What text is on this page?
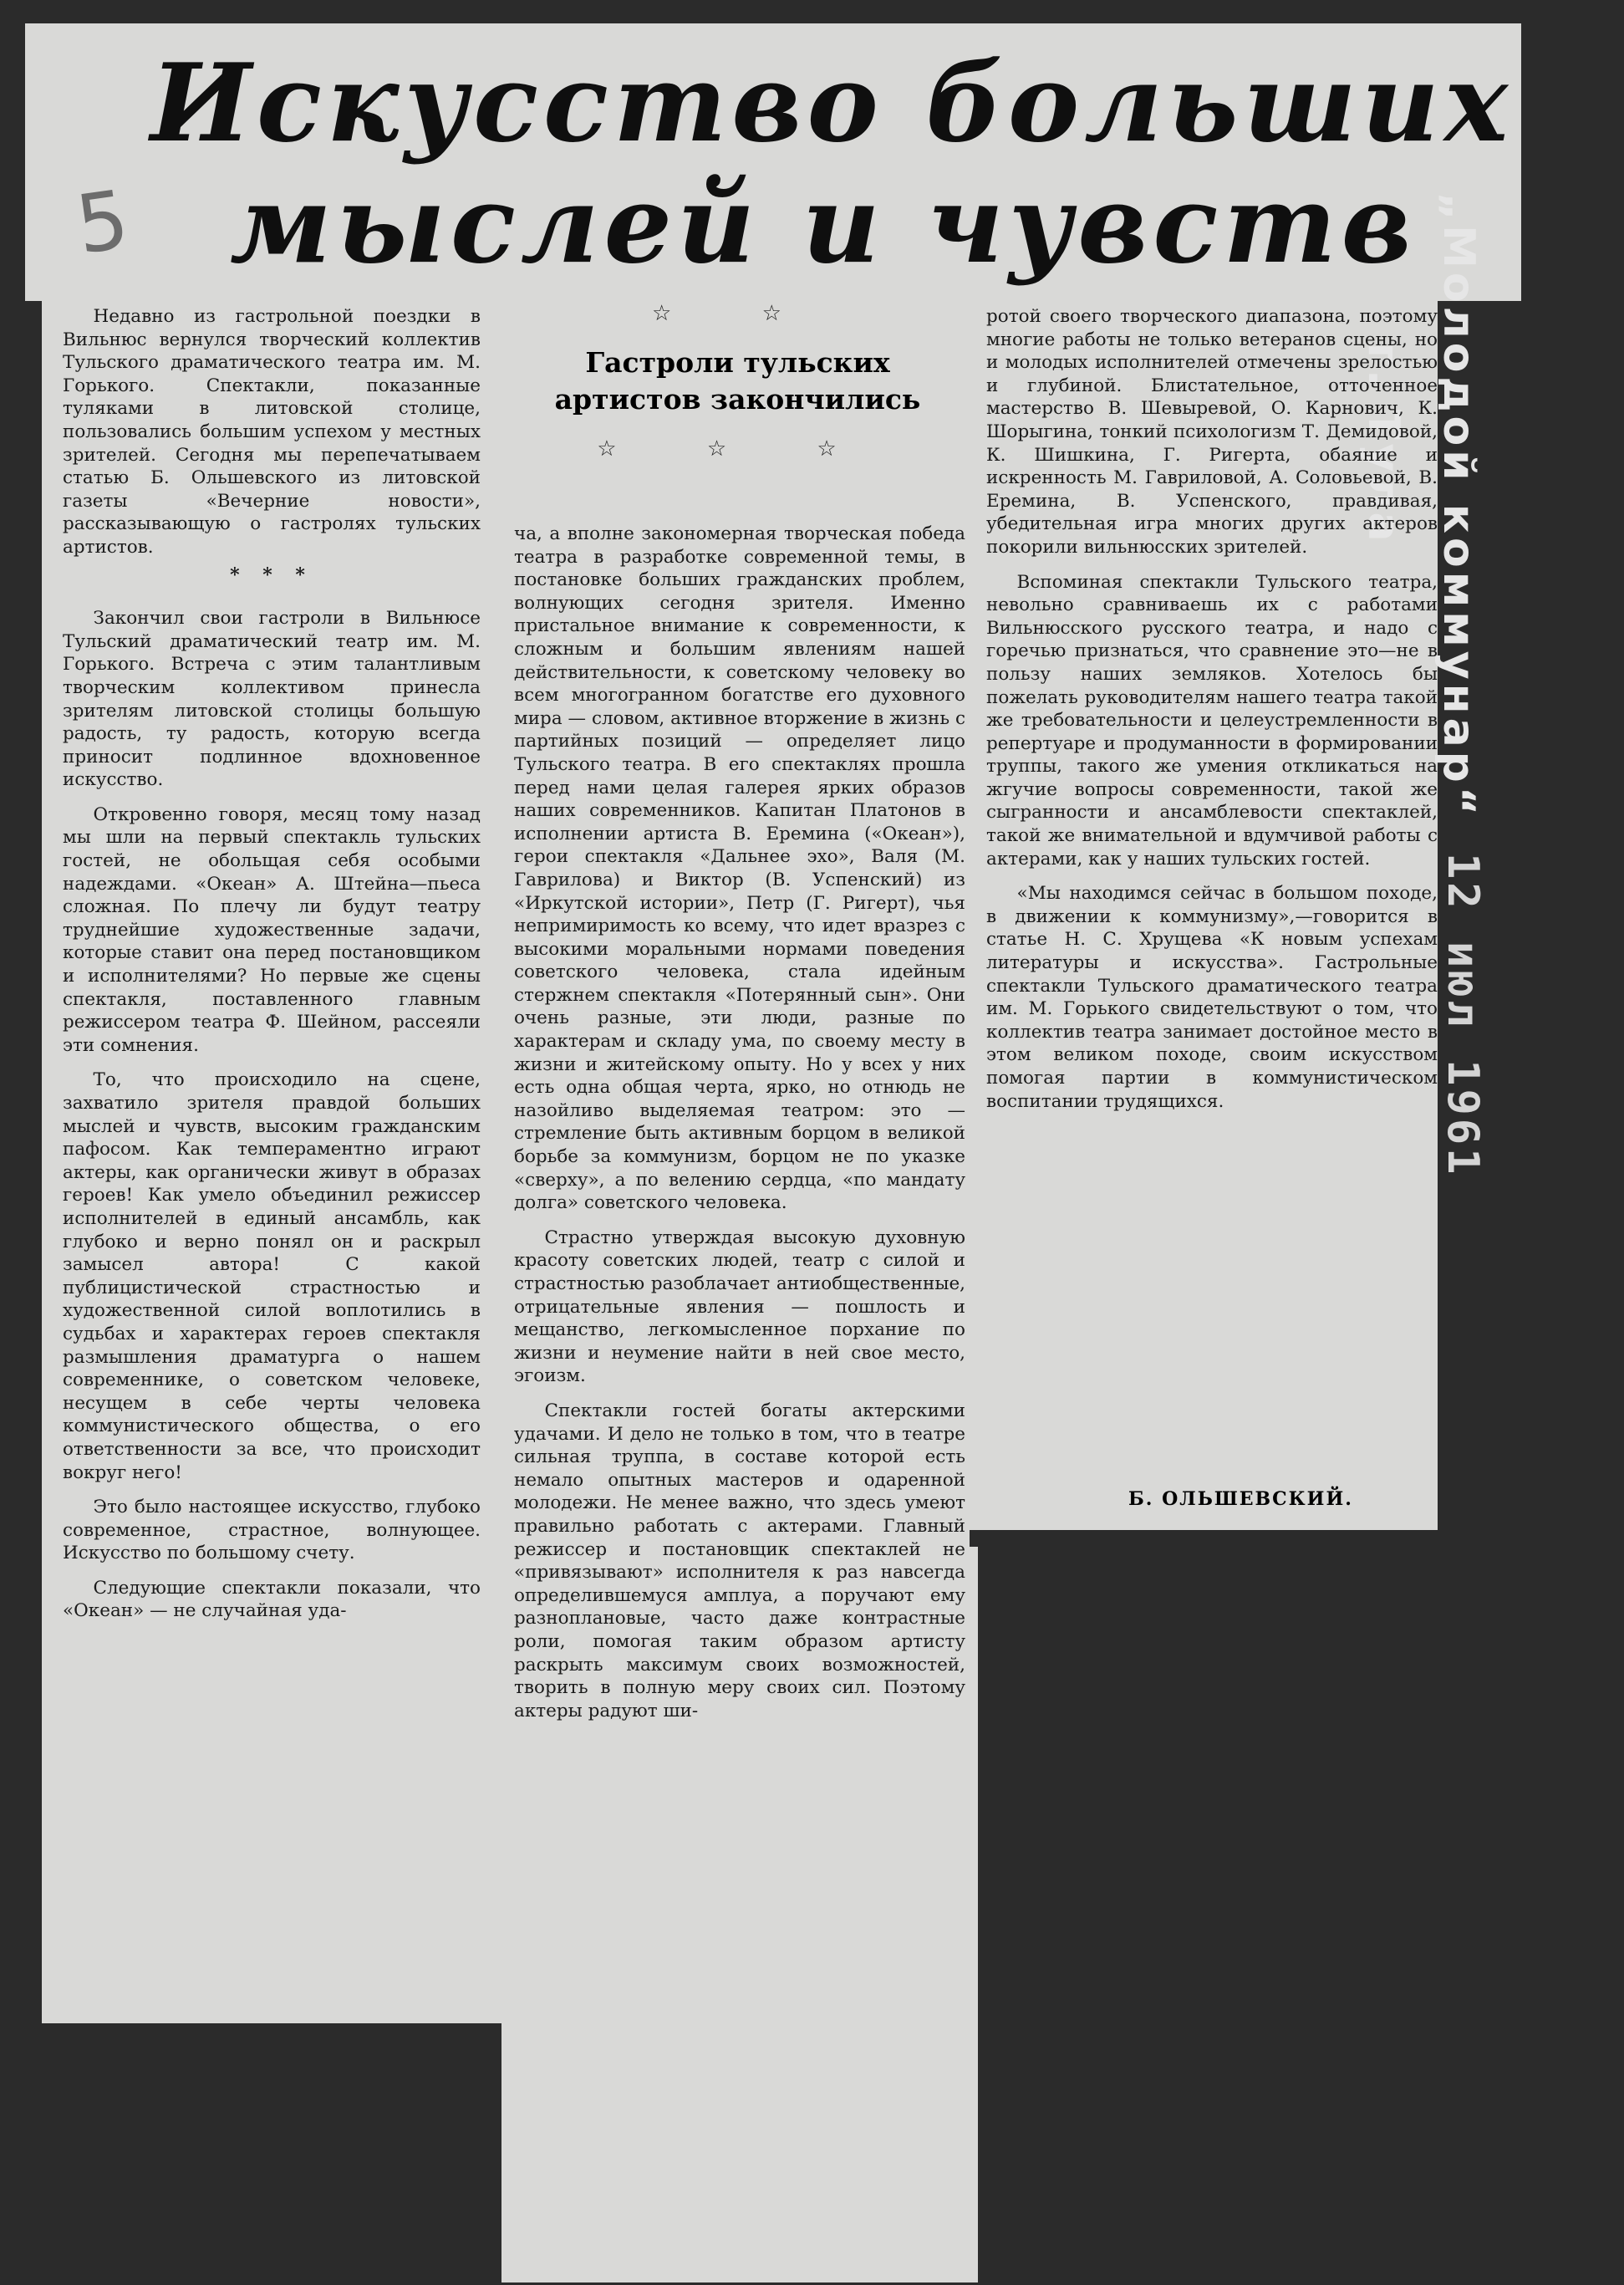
Искусство больших
мыслей и чувств
5	„Молодой коммунар“
г. Тула
12 июл 1961
☆ ☆
Гастроли тульских артистов закончились
☆ ☆ ☆

Недавно из гастрольной поездки в Вильнюс вернулся творческий коллектив Тульского драматического театра им. М. Горького. Спектакли, показанные туляками в литовской столице, пользовались большим успехом у местных зрителей. Сегодня мы перепечатываем статью Б. Ольшевского из литовской газеты «Вечерние новости», рассказывающую о гастролях тульских артистов.

* * *

Закончил свои гастроли в Вильнюсе Тульский драматический театр им. М. Горького. Встреча с этим талантливым творческим коллективом принесла зрителям литовской столицы большую радость, ту радость, которую всегда приносит подлинное вдохновенное искусство.

Откровенно говоря, месяц тому назад мы шли на первый спектакль тульских гостей, не обольщая себя особыми надеждами. «Океан» А. Штейна—пьеса сложная. По плечу ли будут театру труднейшие художественные задачи, которые ставит она перед постановщиком и исполнителями? Но первые же сцены спектакля, поставленного главным режиссером театра Ф. Шейном, рассеяли эти сомнения.

То, что происходило на сцене, захватило зрителя правдой больших мыслей и чувств, высоким гражданским пафосом. Как темпераментно играют актеры, как органически живут в образах героев! Как умело объединил режиссер исполнителей в единый ансамбль, как глубоко и верно понял он и раскрыл замысел автора! С какой публицистической страстностью и художественной силой воплотились в судьбах и характерах героев спектакля размышления драматурга о нашем современнике, о советском человеке, несущем в себе черты человека коммунистического общества, о его ответственности за все, что происходит вокруг него!

Это было настоящее искусство, глубоко современное, страстное, волнующее. Искусство по большому счету.

Следующие спектакли показали, что «Океан» — не случайная уда-

ча, а вполне закономерная творческая победа театра в разработке современной темы, в постановке больших гражданских проблем, волнующих сегодня зрителя. Именно пристальное внимание к современности, к сложным и большим явлениям нашей действительности, к советскому человеку во всем многогранном богатстве его духовного мира — словом, активное вторжение в жизнь с партийных позиций — определяет лицо Тульского театра. В его спектаклях прошла перед нами целая галерея ярких образов наших современников. Капитан Платонов в исполнении артиста В. Еремина («Океан»), герои спектакля «Дальнее эхо», Валя (М. Гаврилова) и Виктор (В. Успенский) из «Иркутской истории», Петр (Г. Ригерт), чья непримиримость ко всему, что идет вразрез с высокими моральными нормами поведения советского человека, стала идейным стержнем спектакля «Потерянный сын». Они очень разные, эти люди, разные по характерам и складу ума, по своему месту в жизни и житейскому опыту. Но у всех у них есть одна общая черта, ярко, но отнюдь не назойливо выделяемая театром: это — стремление быть активным борцом в великой борьбе за коммунизм, борцом не по указке «сверху», а по велению сердца, «по мандату долга» советского человека.

Страстно утверждая высокую духовную красоту советских людей, театр с силой и страстностью разоблачает антиобщественные, отрицательные явления — пошлость и мещанство, легкомысленное порхание по жизни и неумение найти в ней свое место, эгоизм.

Спектакли гостей богаты актерскими удачами. И дело не только в том, что в театре сильная труппа, в составе которой есть немало опытных мастеров и одаренной молодежи. Не менее важно, что здесь умеют правильно работать с актерами. Главный режиссер и постановщик спектаклей не «привязывают» исполнителя к раз навсегда определившемуся амплуа, а поручают ему разноплановые, часто даже контрастные роли, помогая таким образом артисту раскрыть максимум своих возможностей, творить в полную меру своих сил. Поэтому актеры радуют ши-

ротой своего творческого диапазона, поэтому многие работы не только ветеранов сцены, но и молодых исполнителей отмечены зрелостью и глубиной. Блистательное, отточенное мастерство В. Шевыревой, О. Карнович, К. Шорыгина, тонкий психологизм Т. Демидовой, К. Шишкина, Г. Ригерта, обаяние и искренность М. Гавриловой, А. Соловьевой, В. Еремина, В. Успенского, правдивая, убедительная игра многих других актеров покорили вильнюсских зрителей.

Вспоминая спектакли Тульского театра, невольно сравниваешь их с работами Вильнюсского русского театра, и надо с горечью признаться, что сравнение это—не в пользу наших земляков. Хотелось бы пожелать руководителям нашего театра такой же требовательности и целеустремленности в репертуаре и продуманности в формировании труппы, такого же умения откликаться на жгучие вопросы современности, такой же сыгранности и ансамблевости спектаклей, такой же внимательной и вдумчивой работы с актерами, как у наших тульских гостей.

«Мы находимся сейчас в большом походе, в движении к коммунизму»,—говорится в статье Н. С. Хрущева «К новым успехам литературы и искусства». Гастрольные спектакли Тульского драматического театра им. М. Горького свидетельствуют о том, что коллектив театра занимает достойное место в этом великом походе, своим искусством помогая партии в коммунистическом воспитании трудящихся.

Б. ОЛЬШЕВСКИЙ.
